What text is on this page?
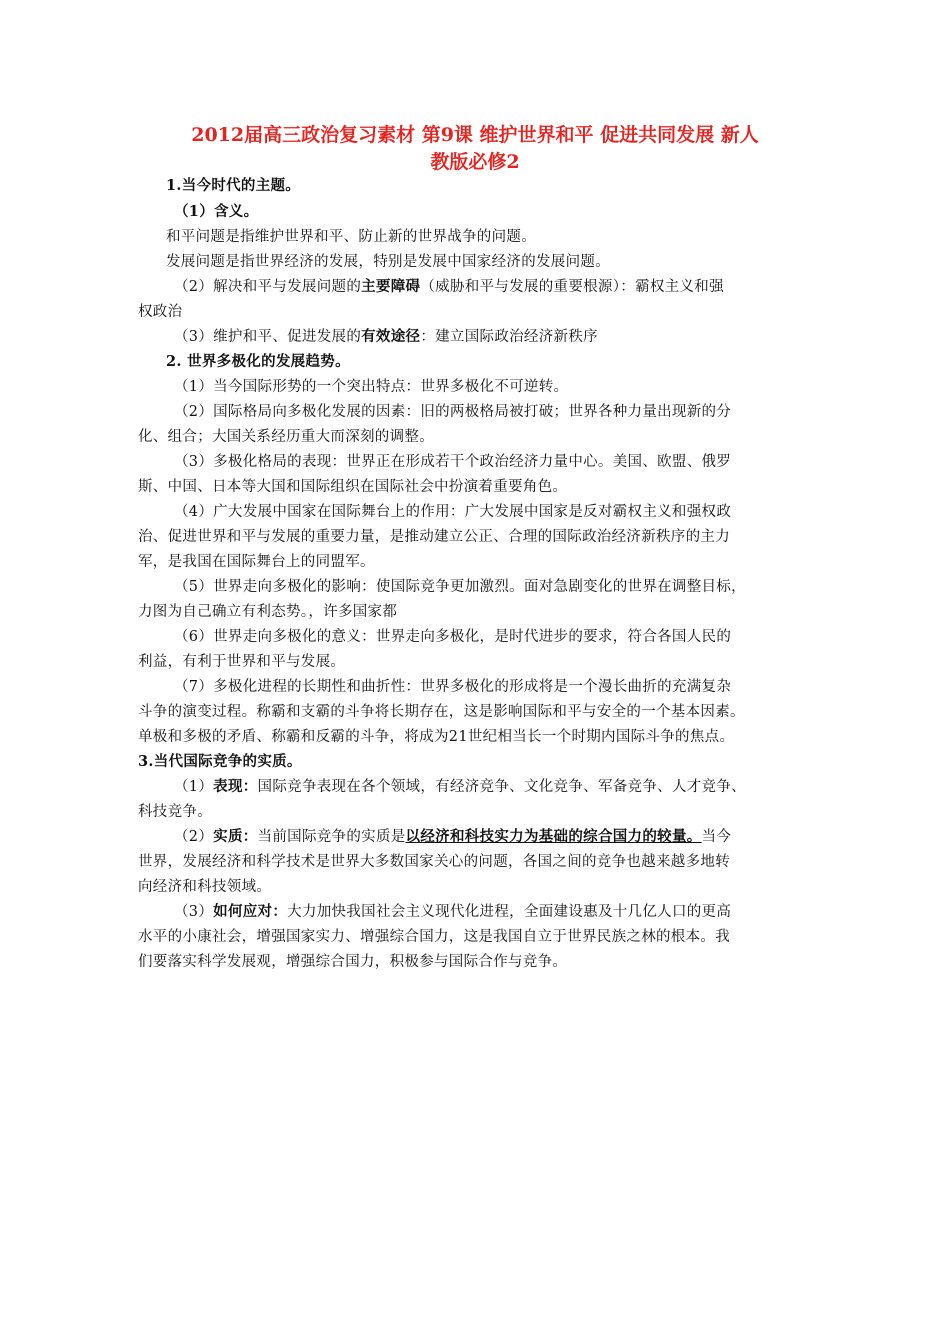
2012届高三政治复习素材 第9课 维护世界和平 促进共同发展 新人
教版必修2
1.当今时代的主题。
（1）含义。
和平问题是指维护世界和平、防止新的世界战争的问题。
发展问题是指世界经济的发展，特别是发展中国家经济的发展问题。
（2）解决和平与发展问题的主要障碍（威胁和平与发展的重要根源）：霸权主义和强
权政治
（3）维护和平、促进发展的有效途径：建立国际政治经济新秩序
2. 世界多极化的发展趋势。
（1）当今国际形势的一个突出特点：世界多极化不可逆转。
（2）国际格局向多极化发展的因素：旧的两极格局被打破；世界各种力量出现新的分
化、组合；大国关系经历重大而深刻的调整。
（3）多极化格局的表现：世界正在形成若干个政治经济力量中心。美国、欧盟、俄罗
斯、中国、日本等大国和国际组织在国际社会中扮演着重要角色。
（4）广大发展中国家在国际舞台上的作用：广大发展中国家是反对霸权主义和强权政
治、促进世界和平与发展的重要力量，是推动建立公正、合理的国际政治经济新秩序的主力
军，是我国在国际舞台上的同盟军。
（5）世界走向多极化的影响：使国际竞争更加激烈。面对急剧变化的世界在调整目标，
力图为自己确立有利态势。，许多国家都
（6）世界走向多极化的意义：世界走向多极化，是时代进步的要求，符合各国人民的
利益，有利于世界和平与发展。
（7）多极化进程的长期性和曲折性：世界多极化的形成将是一个漫长曲折的充满复杂
斗争的演变过程。称霸和支霸的斗争将长期存在，这是影响国际和平与安全的一个基本因素。
单极和多极的矛盾、称霸和反霸的斗争，将成为21世纪相当长一个时期内国际斗争的焦点。
3.当代国际竞争的实质。
（1）表现：国际竞争表现在各个领域，有经济竞争、文化竞争、军备竞争、人才竞争、
科技竞争。
（2）实质：当前国际竞争的实质是以经济和科技实力为基础的综合国力的较量。当今
世界，发展经济和科学技术是世界大多数国家关心的问题，各国之间的竞争也越来越多地转
向经济和科技领域。
（3）如何应对：大力加快我国社会主义现代化进程，全面建设惠及十几亿人口的更高
水平的小康社会，增强国家实力、增强综合国力，这是我国自立于世界民族之林的根本。我
们要落实科学发展观，增强综合国力，积极参与国际合作与竞争。
